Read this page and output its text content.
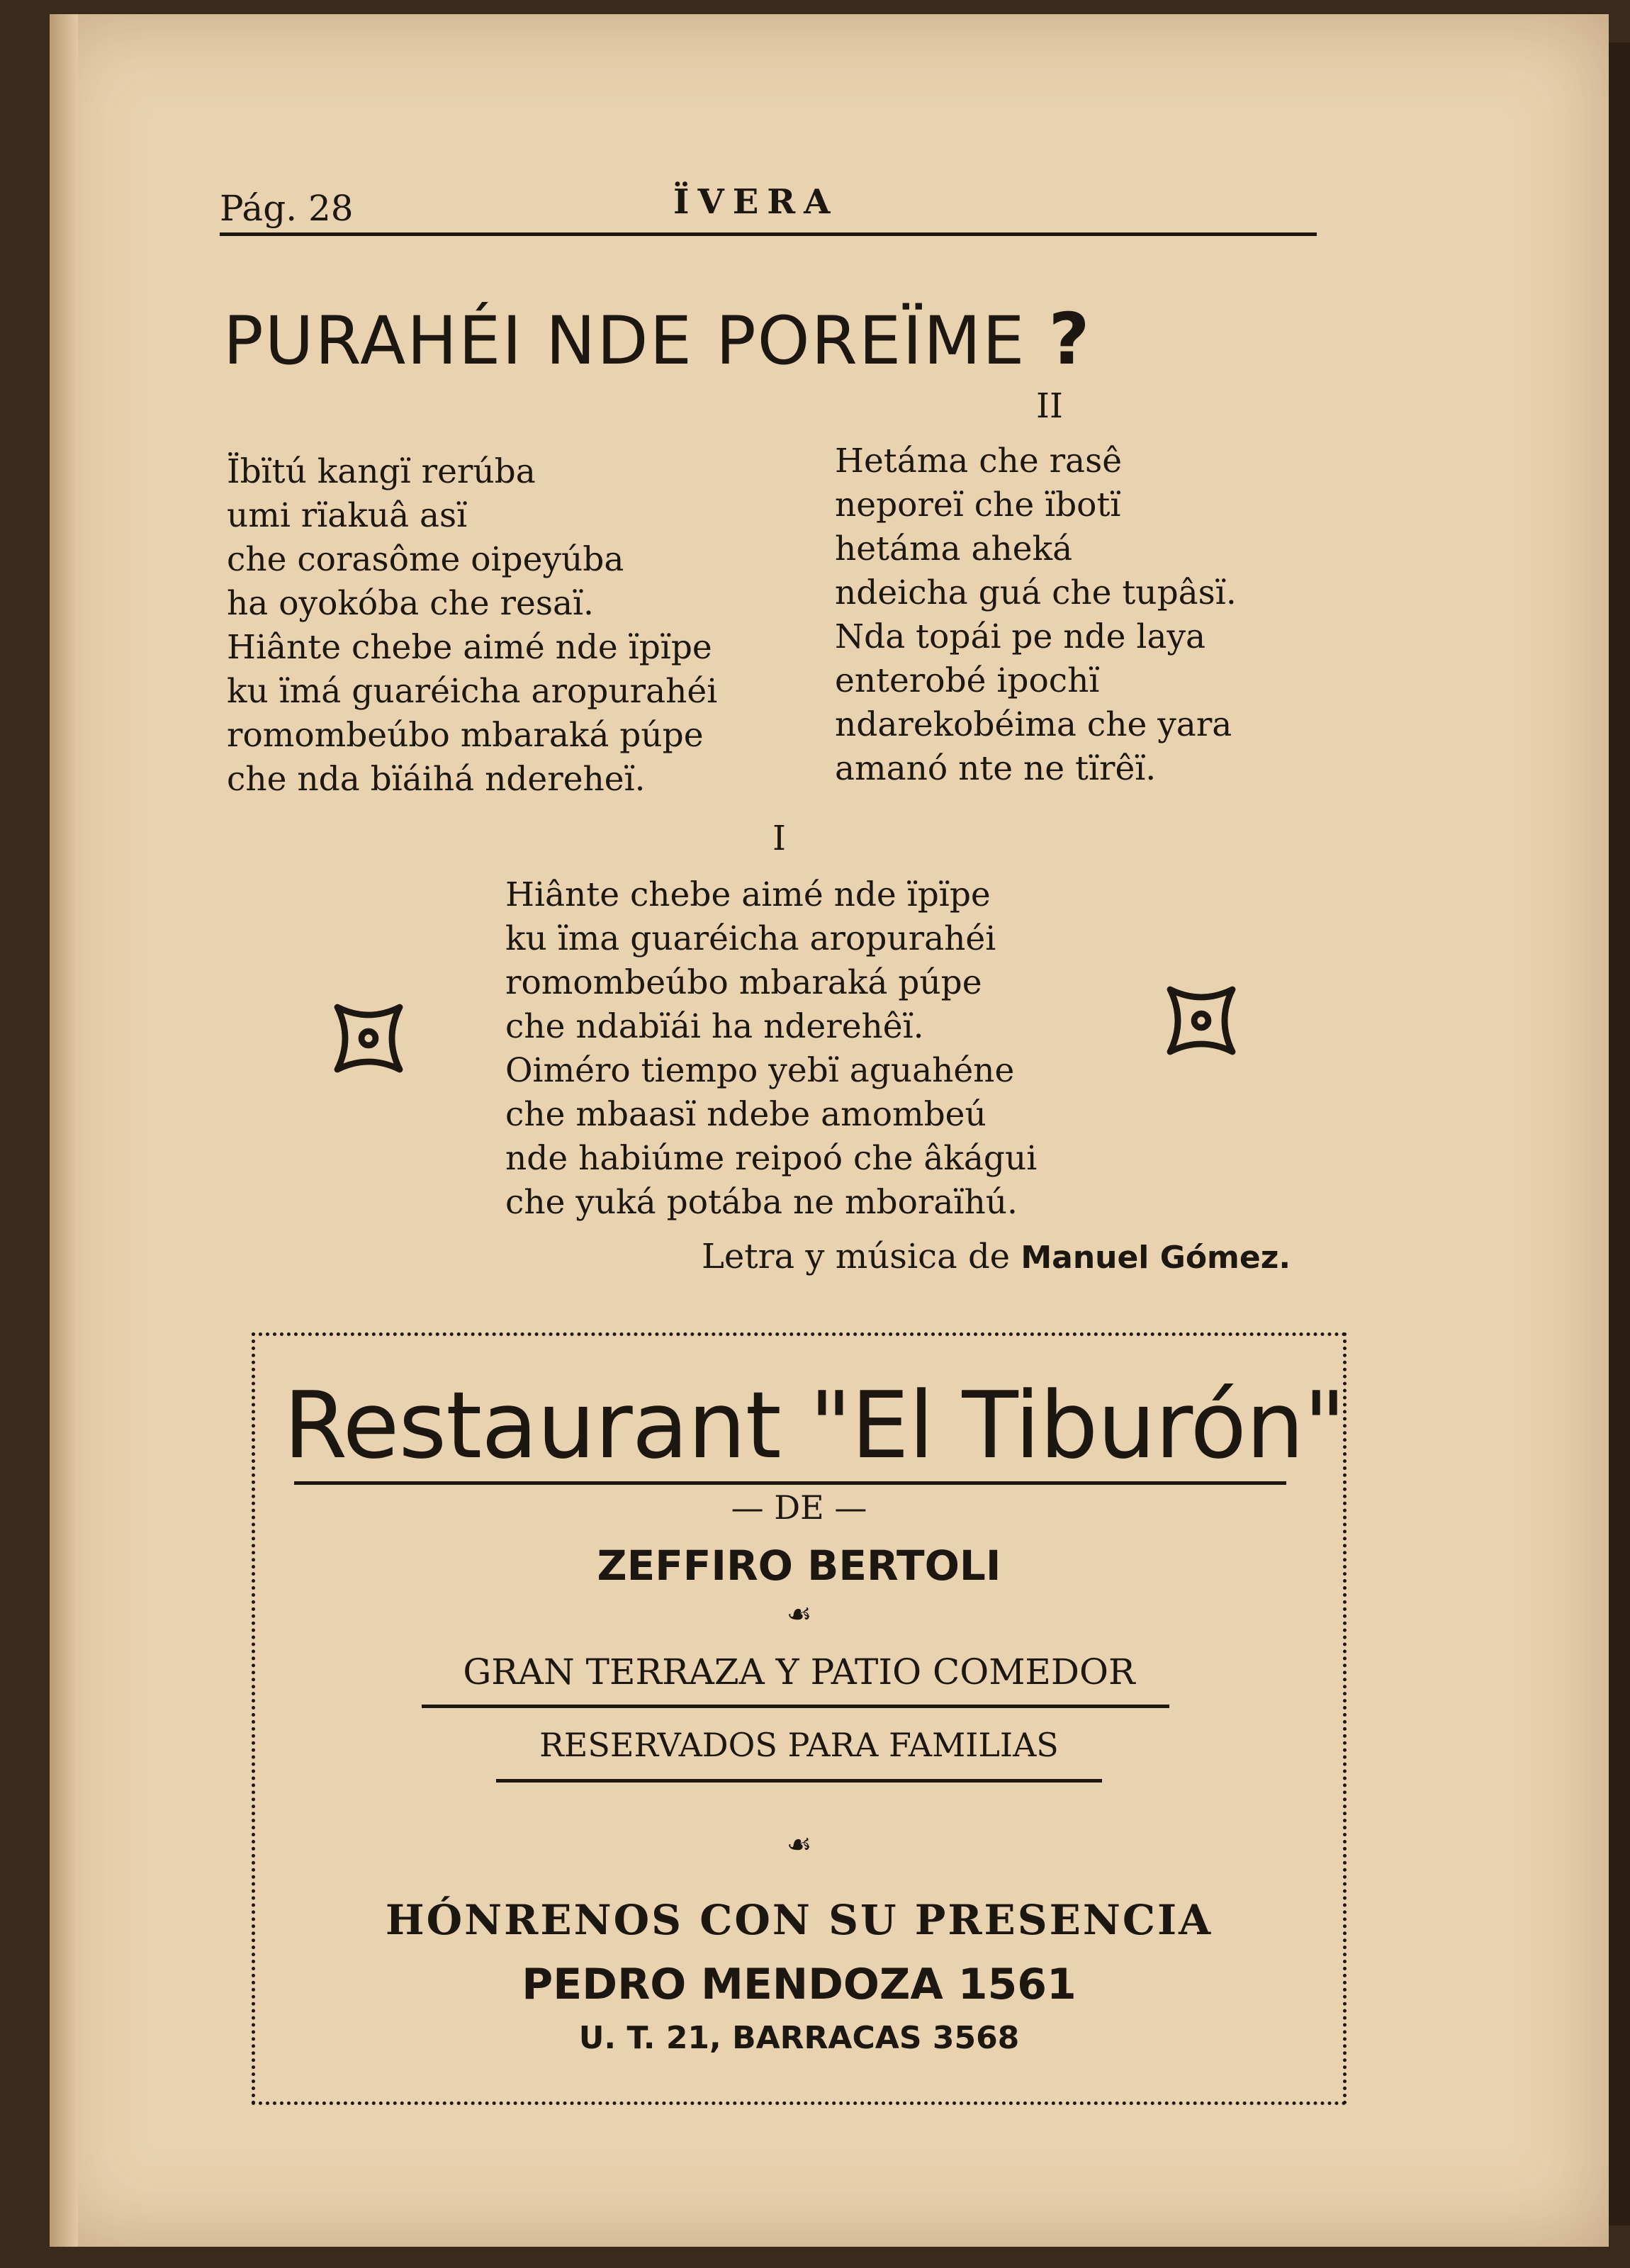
Pág. 28	ÏVERA
PURAHÉI NDE POREÏME ?
II
Ïbïtú kangï rerúba
umi rïakuâ asï
che corasôme oipeyúba
ha oyokóba che resaï.
Hiânte chebe aimé nde ïpïpe
ku ïmá guaréicha aropurahéi
romombeúbo mbaraká púpe
che nda bïáihá nderehеï.
Hetáma che rasê
neporeï che ïbotï
hetáma aheká
ndeicha guá che tupâsï.
Nda topái pe nde laya
enterobé ipochï
ndarekobéima che yara
amanó nte ne tïrêï.
I
Hiânte chebe aimé nde ïpïpe
ku ïma guaréicha aropurahéi
romombeúbo mbaraká púpe
che ndabïái ha nderehêï.
Oiméro tiempo yebï aguahéne
che mbaasï ndebe amombeú
nde habiúme reipoó che âkágui
che yuká potába ne mboraïhú.
Letra y música de Manuel Gómez.
Restaurant "El Tiburón"
— DE —
ZEFFIRO BERTOLI
☙
GRAN TERRAZA Y PATIO COMEDOR
RESERVADOS PARA FAMILIAS
☙
HÓNRENOS CON SU PRESENCIA
PEDRO MENDOZA 1561
U. T. 21, BARRACAS 3568
